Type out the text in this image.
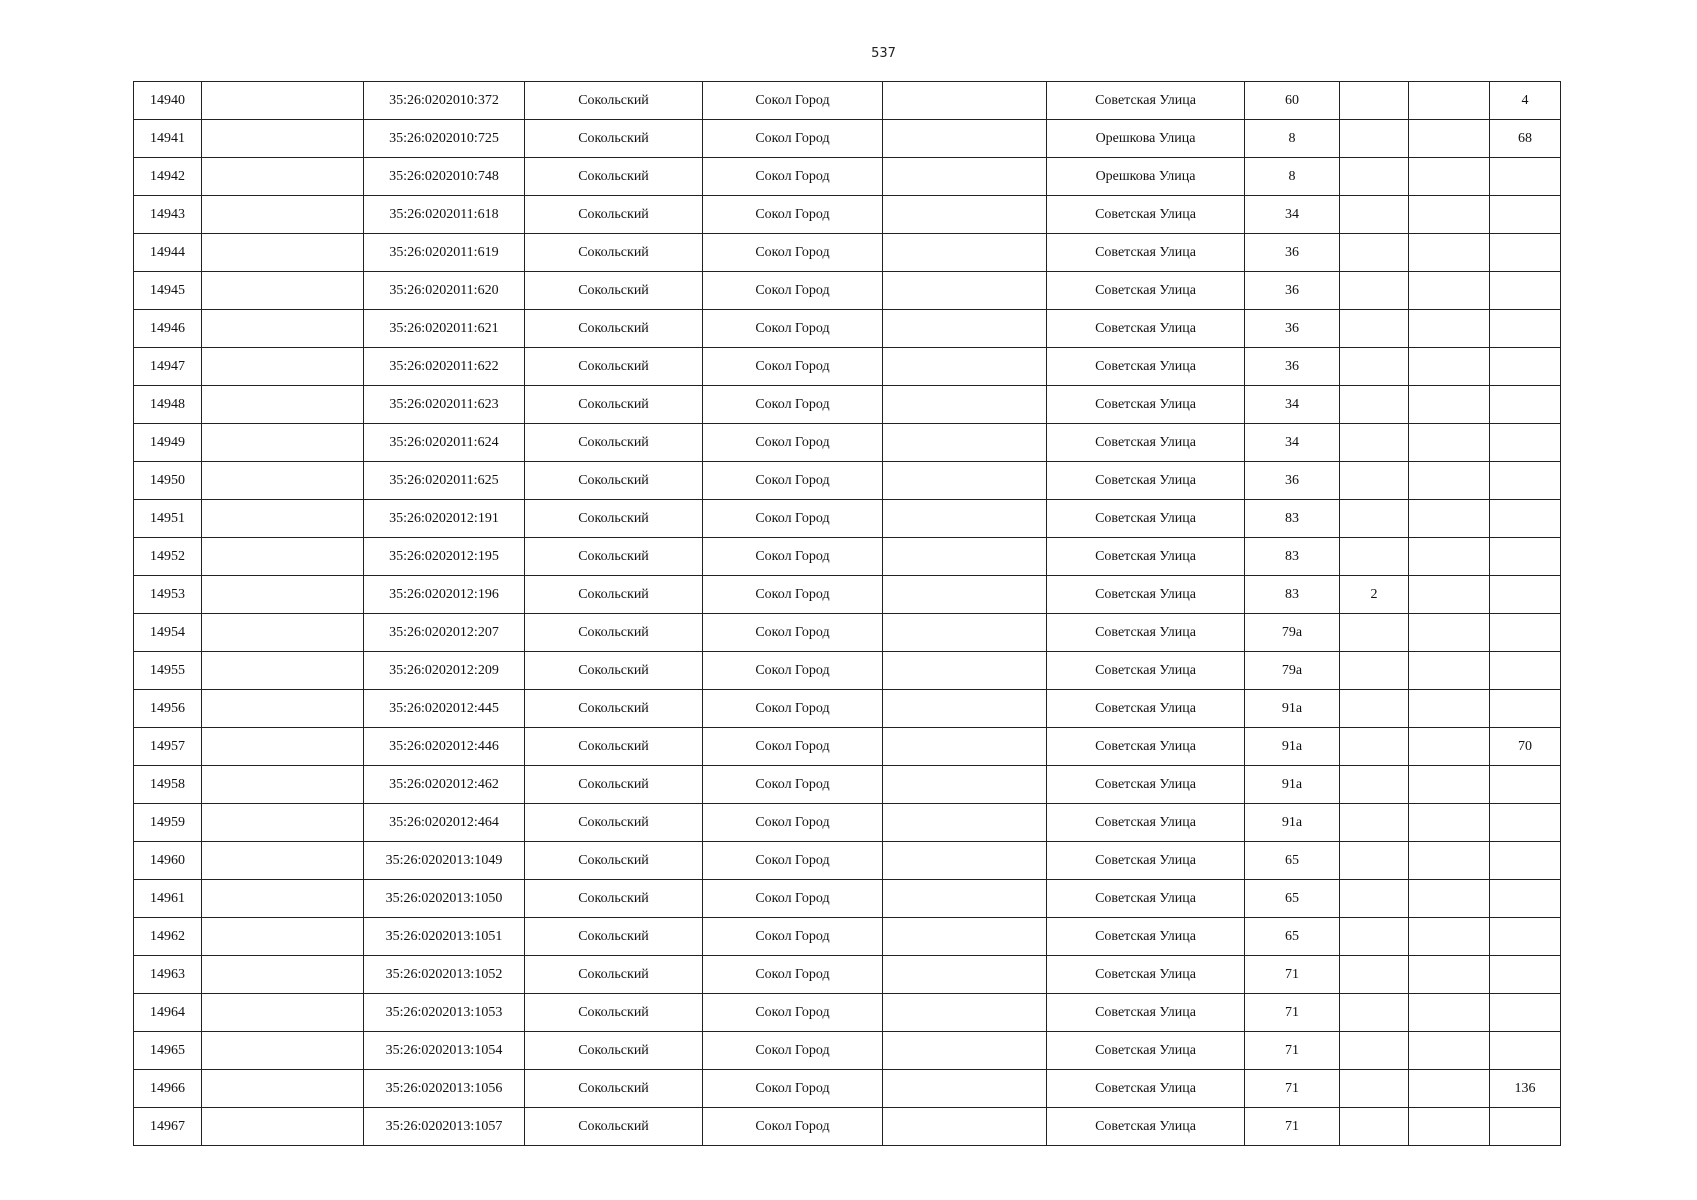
537
14940		35:26:0202010:372	Сокольский	Сокол Город		Советская Улица	60			4
14941		35:26:0202010:725	Сокольский	Сокол Город		Орешкова Улица	8			68
14942		35:26:0202010:748	Сокольский	Сокол Город		Орешкова Улица	8			
14943		35:26:0202011:618	Сокольский	Сокол Город		Советская Улица	34			
14944		35:26:0202011:619	Сокольский	Сокол Город		Советская Улица	36			
14945		35:26:0202011:620	Сокольский	Сокол Город		Советская Улица	36			
14946		35:26:0202011:621	Сокольский	Сокол Город		Советская Улица	36			
14947		35:26:0202011:622	Сокольский	Сокол Город		Советская Улица	36			
14948		35:26:0202011:623	Сокольский	Сокол Город		Советская Улица	34			
14949		35:26:0202011:624	Сокольский	Сокол Город		Советская Улица	34			
14950		35:26:0202011:625	Сокольский	Сокол Город		Советская Улица	36			
14951		35:26:0202012:191	Сокольский	Сокол Город		Советская Улица	83			
14952		35:26:0202012:195	Сокольский	Сокол Город		Советская Улица	83			
14953		35:26:0202012:196	Сокольский	Сокол Город		Советская Улица	83	2		
14954		35:26:0202012:207	Сокольский	Сокол Город		Советская Улица	79а			
14955		35:26:0202012:209	Сокольский	Сокол Город		Советская Улица	79а			
14956		35:26:0202012:445	Сокольский	Сокол Город		Советская Улица	91а			
14957		35:26:0202012:446	Сокольский	Сокол Город		Советская Улица	91а			70
14958		35:26:0202012:462	Сокольский	Сокол Город		Советская Улица	91а			
14959		35:26:0202012:464	Сокольский	Сокол Город		Советская Улица	91а			
14960		35:26:0202013:1049	Сокольский	Сокол Город		Советская Улица	65			
14961		35:26:0202013:1050	Сокольский	Сокол Город		Советская Улица	65			
14962		35:26:0202013:1051	Сокольский	Сокол Город		Советская Улица	65			
14963		35:26:0202013:1052	Сокольский	Сокол Город		Советская Улица	71			
14964		35:26:0202013:1053	Сокольский	Сокол Город		Советская Улица	71			
14965		35:26:0202013:1054	Сокольский	Сокол Город		Советская Улица	71			
14966		35:26:0202013:1056	Сокольский	Сокол Город		Советская Улица	71			136
14967		35:26:0202013:1057	Сокольский	Сокол Город		Советская Улица	71			
